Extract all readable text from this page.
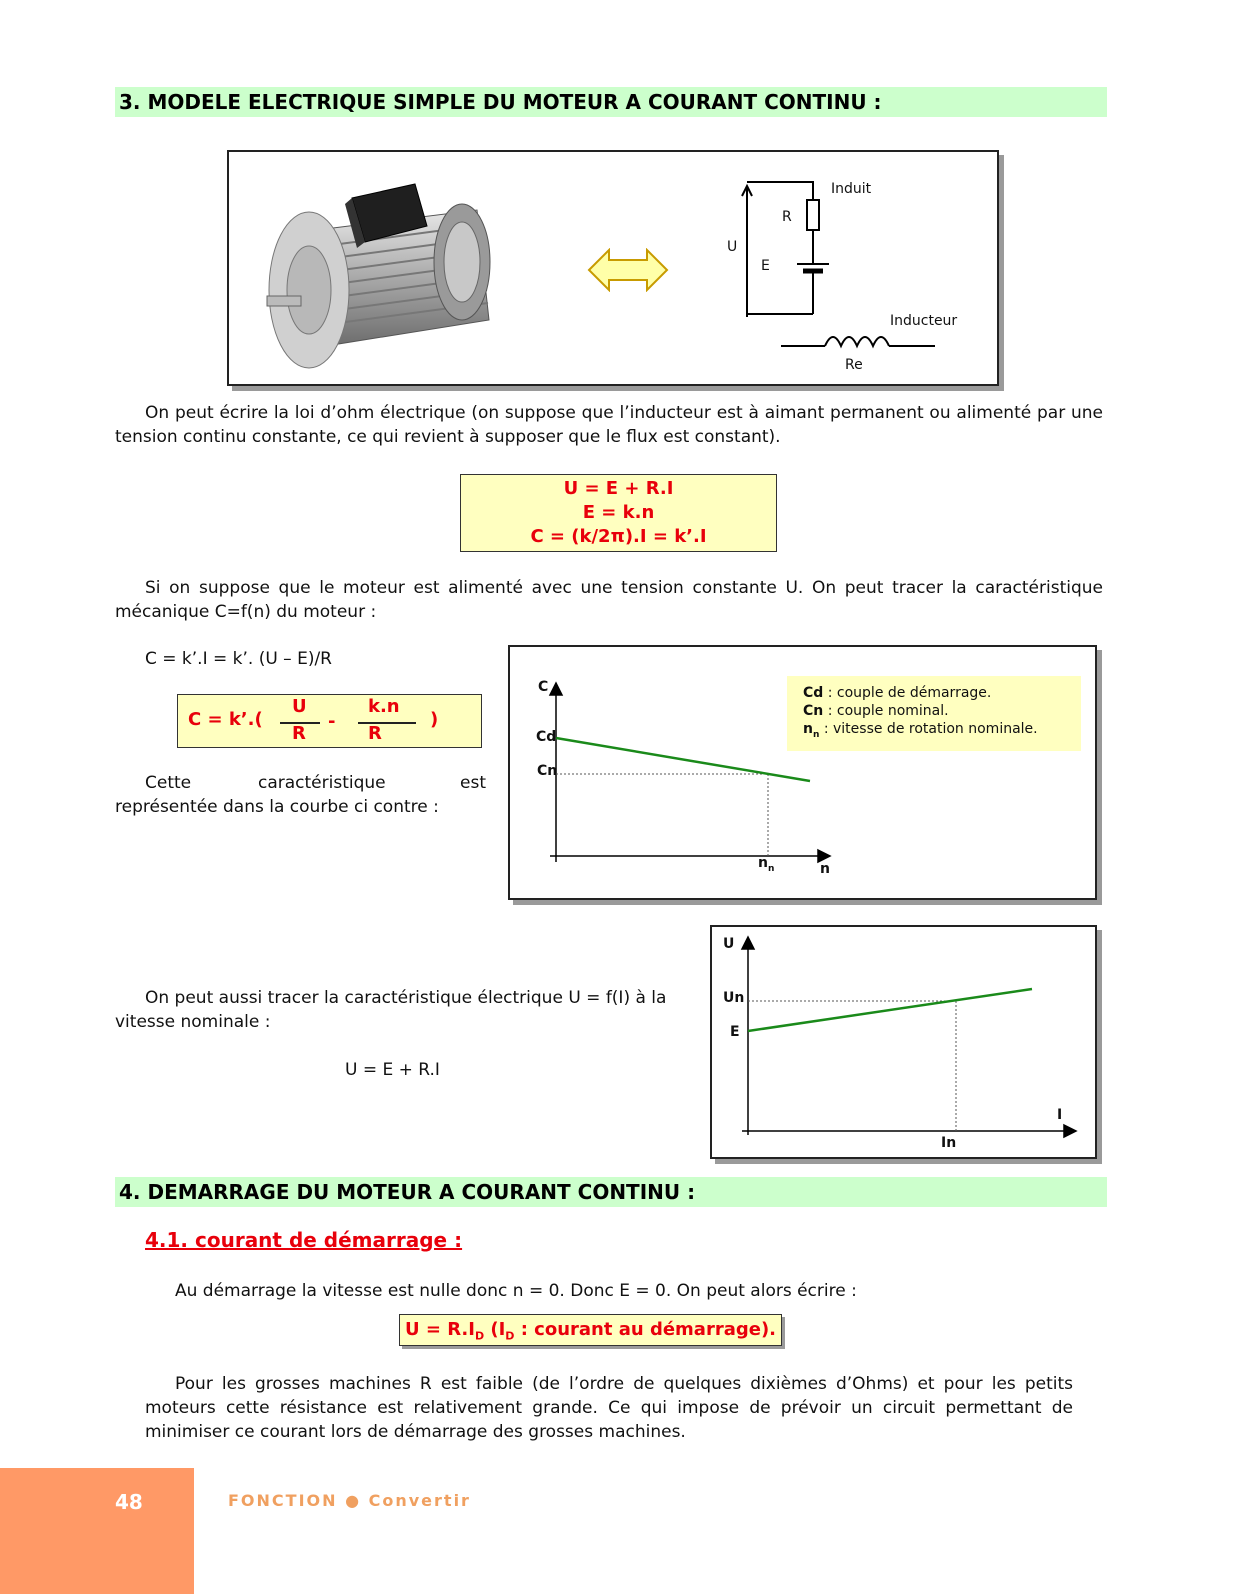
3. MODELE ELECTRIQUE SIMPLE DU MOTEUR A COURANT CONTINU :
Induit
R
U
E
Inducteur
Re

On peut écrire la loi d’ohm électrique (on suppose que l’inducteur est à aimant permanent ou alimenté par une tension continu constante, ce qui revient à supposer que le flux est constant).

U = E + R.I
E = k.n
C = (k/2π).I = k’.I

Si on suppose que le moteur est alimenté avec une tension constante U. On peut tracer la caractéristique mécanique C=f(n) du moteur :

C = k’.I = k’. (U – E)/R

C = k’.(
U
R
-
k.n
R
)
Cette	caractéristique	est
représentée dans la courbe ci contre :
C
Cd
Cn
$n_n$	n
Cd : couple de démarrage.
Cn : couple nominal.
$n_n$ : vitesse de rotation nominale.

On peut aussi tracer la caractéristique électrique U = f(I) à la vitesse nominale :

U = E + R.I

U
Un
E
In
I
4. DEMARRAGE DU MOTEUR A COURANT CONTINU :
4.1. courant de démarrage :

Au démarrage la vitesse est nulle donc n = 0. Donc E = 0. On peut alors écrire :

$U = R.I_D$ ($I_D$ : courant au démarrage).

Pour les grosses machines R est faible (de l’ordre de quelques dixièmes d’Ohms) et pour les petits moteurs cette résistance est relativement grande. Ce qui impose de prévoir un circuit permettant de minimiser ce courant lors de démarrage des grosses machines.

48	FONCTION ● Convertir
